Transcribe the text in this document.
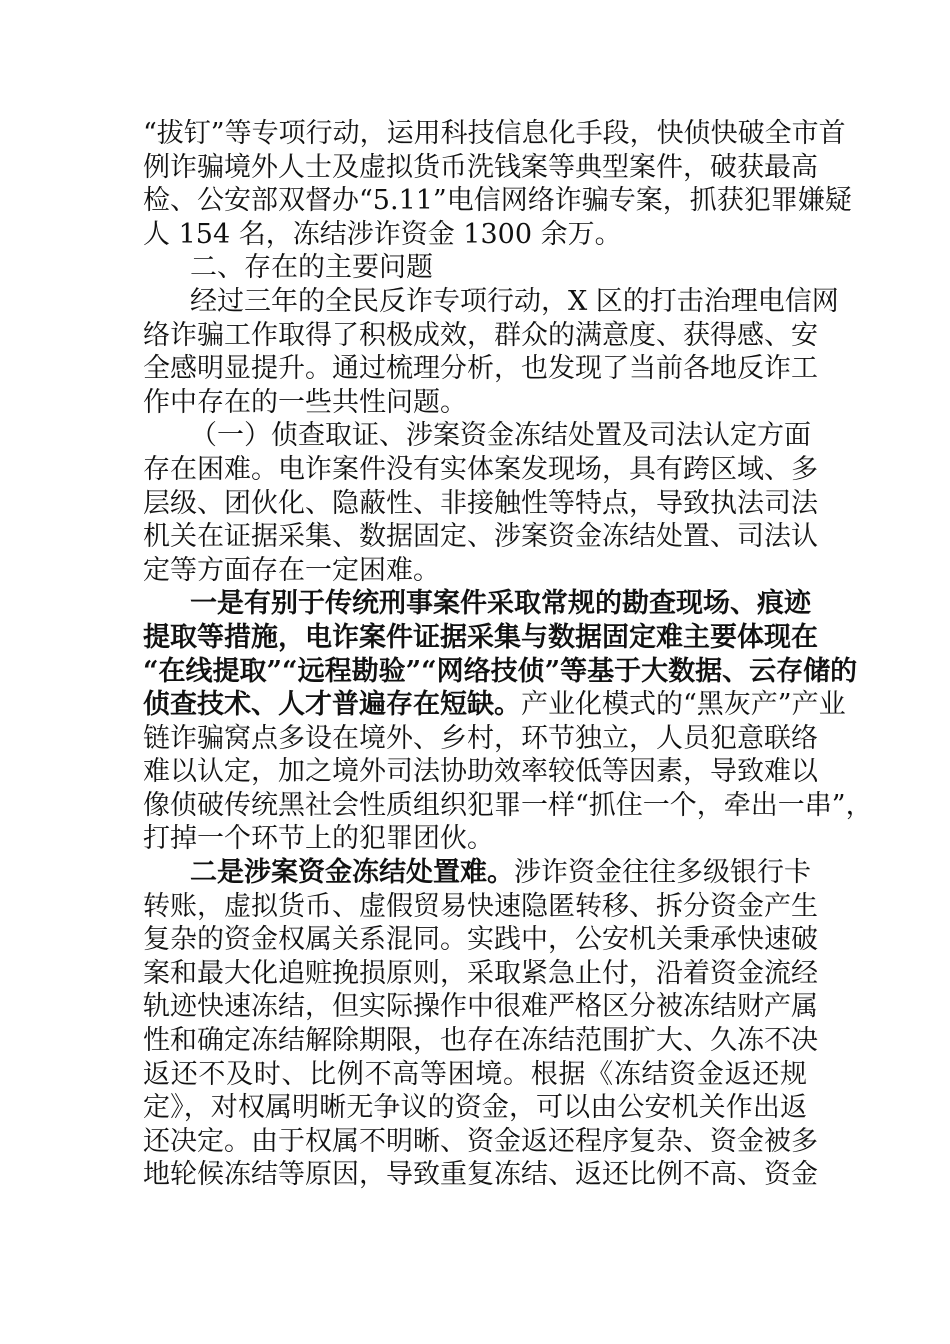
“拔钉”等专项行动，运用科技信息化手段，快侦快破全市首
例诈骗境外人士及虚拟货币洗钱案等典型案件，破获最高
检、公安部双督办“5.11”电信网络诈骗专案，抓获犯罪嫌疑
人 154 名，冻结涉诈资金 1300 余万。
二、存在的主要问题
经过三年的全民反诈专项行动，X 区的打击治理电信网
络诈骗工作取得了积极成效，群众的满意度、获得感、安
全感明显提升。通过梳理分析，也发现了当前各地反诈工
作中存在的一些共性问题。
（一）侦查取证、涉案资金冻结处置及司法认定方面
存在困难。电诈案件没有实体案发现场，具有跨区域、多
层级、团伙化、隐蔽性、非接触性等特点，导致执法司法
机关在证据采集、数据固定、涉案资金冻结处置、司法认
定等方面存在一定困难。
一是有别于传统刑事案件采取常规的勘查现场、痕迹
提取等措施，电诈案件证据采集与数据固定难主要体现在
“在线提取”“远程勘验”“网络技侦”等基于大数据、云存储的
侦查技术、人才普遍存在短缺。产业化模式的“黑灰产”产业
链诈骗窝点多设在境外、乡村，环节独立，人员犯意联络
难以认定，加之境外司法协助效率较低等因素，导致难以
像侦破传统黑社会性质组织犯罪一样“抓住一个，牵出一串”，
打掉一个环节上的犯罪团伙。
二是涉案资金冻结处置难。涉诈资金往往多级银行卡
转账，虚拟货币、虚假贸易快速隐匿转移、拆分资金产生
复杂的资金权属关系混同。实践中，公安机关秉承快速破
案和最大化追赃挽损原则，采取紧急止付，沿着资金流经
轨迹快速冻结，但实际操作中很难严格区分被冻结财产属
性和确定冻结解除期限，也存在冻结范围扩大、久冻不决
返还不及时、比例不高等困境。根据《冻结资金返还规
定》，对权属明晰无争议的资金，可以由公安机关作出返
还决定。由于权属不明晰、资金返还程序复杂、资金被多
地轮候冻结等原因，导致重复冻结、返还比例不高、资金
